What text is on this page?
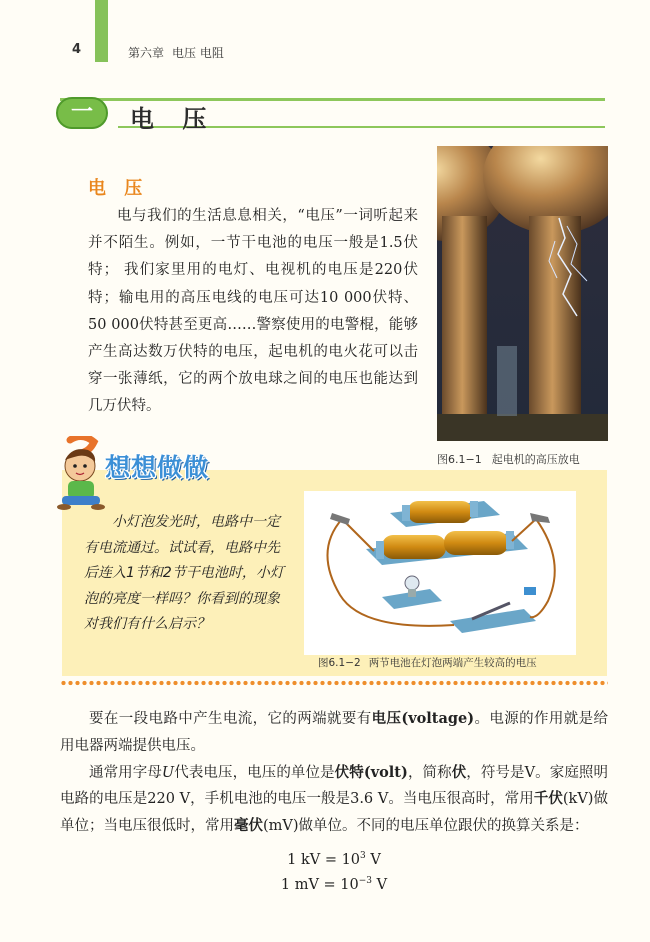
4	第六章 电压 电阻
一 电 压
电 压

电与我们的生活息息相关，“电压”一词听起来并不陌生。例如，一节干电池的电压一般是1.5伏特； 我们家里用的电灯、电视机的电压是220伏特；输电用的高压电线的电压可达10 000伏特、50 000伏特甚至更高……警察使用的电警棍，能够产生高达数万伏特的电压，起电机的电火花可以击穿一张薄纸，它的两个放电球之间的电压也能达到几万伏特。

图6.1−1 起电机的高压放电
想想做做

小灯泡发光时，电路中一定有电流通过。试试看，电路中先后连入1节和2节干电池时，小灯泡的亮度一样吗？你看到的现象对我们有什么启示？

图6.1−2 两节电池在灯泡两端产生较高的电压

要在一段电路中产生电流，它的两端就要有电压(voltage)。电源的作用就是给用电器两端提供电压。

通常用字母U代表电压，电压的单位是伏特(volt)，简称伏，符号是V。家庭照明电路的电压是220 V，手机电池的电压一般是3.6 V。当电压很高时，常用千伏(kV)做单位；当电压很低时，常用毫伏(mV)做单位。不同的电压单位跟伏的换算关系是：

1 kV = $10^3$ V
1 mV = $10^{-3}$ V
